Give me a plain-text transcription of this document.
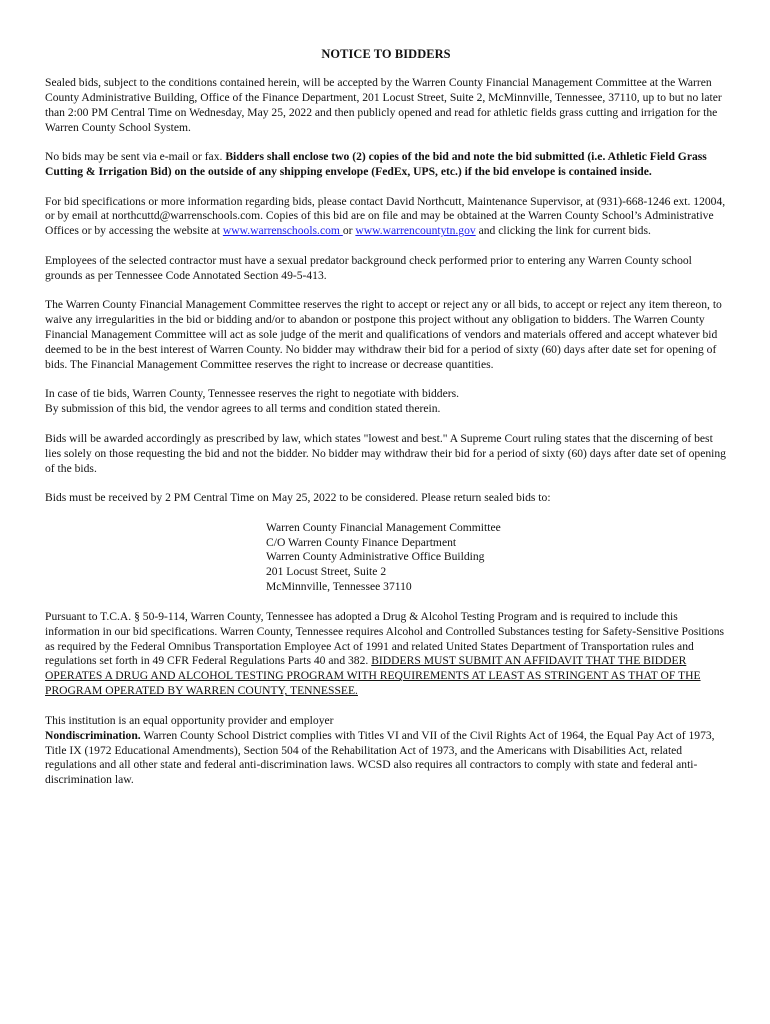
NOTICE TO BIDDERS

Sealed bids, subject to the conditions contained herein, will be accepted by the Warren County Financial Management Committee at the Warren County Administrative Building, Office of the Finance Department, 201 Locust Street, Suite 2, McMinnville, Tennessee, 37110, up to but no later than 2:00 PM Central Time on Wednesday, May 25, 2022 and then publicly opened and read for athletic fields grass cutting and irrigation for the Warren County School System.

No bids may be sent via e-mail or fax. Bidders shall enclose two (2) copies of the bid and note the bid submitted (i.e. Athletic Field Grass Cutting & Irrigation Bid) on the outside of any shipping envelope (FedEx, UPS, etc.) if the bid envelope is contained inside.

For bid specifications or more information regarding bids, please contact David Northcutt, Maintenance Supervisor, at (931)-668-1246 ext. 12004, or by email at northcuttd@warrenschools.com. Copies of this bid are on file and may be obtained at the Warren County School’s Administrative Offices or by accessing the website at www.warrenschools.com or www.warrencountytn.gov and clicking the link for current bids.

Employees of the selected contractor must have a sexual predator background check performed prior to entering any Warren County school grounds as per Tennessee Code Annotated Section 49-5-413.

The Warren County Financial Management Committee reserves the right to accept or reject any or all bids, to accept or reject any item thereon, to waive any irregularities in the bid or bidding and/or to abandon or postpone this project without any obligation to bidders. The Warren County Financial Management Committee will act as sole judge of the merit and qualifications of vendors and materials offered and accept whatever bid deemed to be in the best interest of Warren County. No bidder may withdraw their bid for a period of sixty (60) days after date set for opening of bids. The Financial Management Committee reserves the right to increase or decrease quantities.

In case of tie bids, Warren County, Tennessee reserves the right to negotiate with bidders.
By submission of this bid, the vendor agrees to all terms and condition stated therein.

Bids will be awarded accordingly as prescribed by law, which states "lowest and best." A Supreme Court ruling states that the discerning of best lies solely on those requesting the bid and not the bidder. No bidder may withdraw their bid for a period of sixty (60) days after date set of opening of the bids.

Bids must be received by 2 PM Central Time on May 25, 2022 to be considered. Please return sealed bids to:

Warren County Financial Management Committee
C/O Warren County Finance Department
Warren County Administrative Office Building
201 Locust Street, Suite 2
McMinnville, Tennessee 37110

Pursuant to T.C.A. § 50-9-114, Warren County, Tennessee has adopted a Drug & Alcohol Testing Program and is required to include this information in our bid specifications. Warren County, Tennessee requires Alcohol and Controlled Substances testing for Safety-Sensitive Positions as required by the Federal Omnibus Transportation Employee Act of 1991 and related United States Department of Transportation rules and regulations set forth in 49 CFR Federal Regulations Parts 40 and 382. BIDDERS MUST SUBMIT AN AFFIDAVIT THAT THE BIDDER OPERATES A DRUG AND ALCOHOL TESTING PROGRAM WITH REQUIREMENTS AT LEAST AS STRINGENT AS THAT OF THE PROGRAM OPERATED BY WARREN COUNTY, TENNESSEE.

This institution is an equal opportunity provider and employer
Nondiscrimination. Warren County School District complies with Titles VI and VII of the Civil Rights Act of 1964, the Equal Pay Act of 1973, Title IX (1972 Educational Amendments), Section 504 of the Rehabilitation Act of 1973, and the Americans with Disabilities Act, related regulations and all other state and federal anti-discrimination laws. WCSD also requires all contractors to comply with state and federal anti-discrimination law.
